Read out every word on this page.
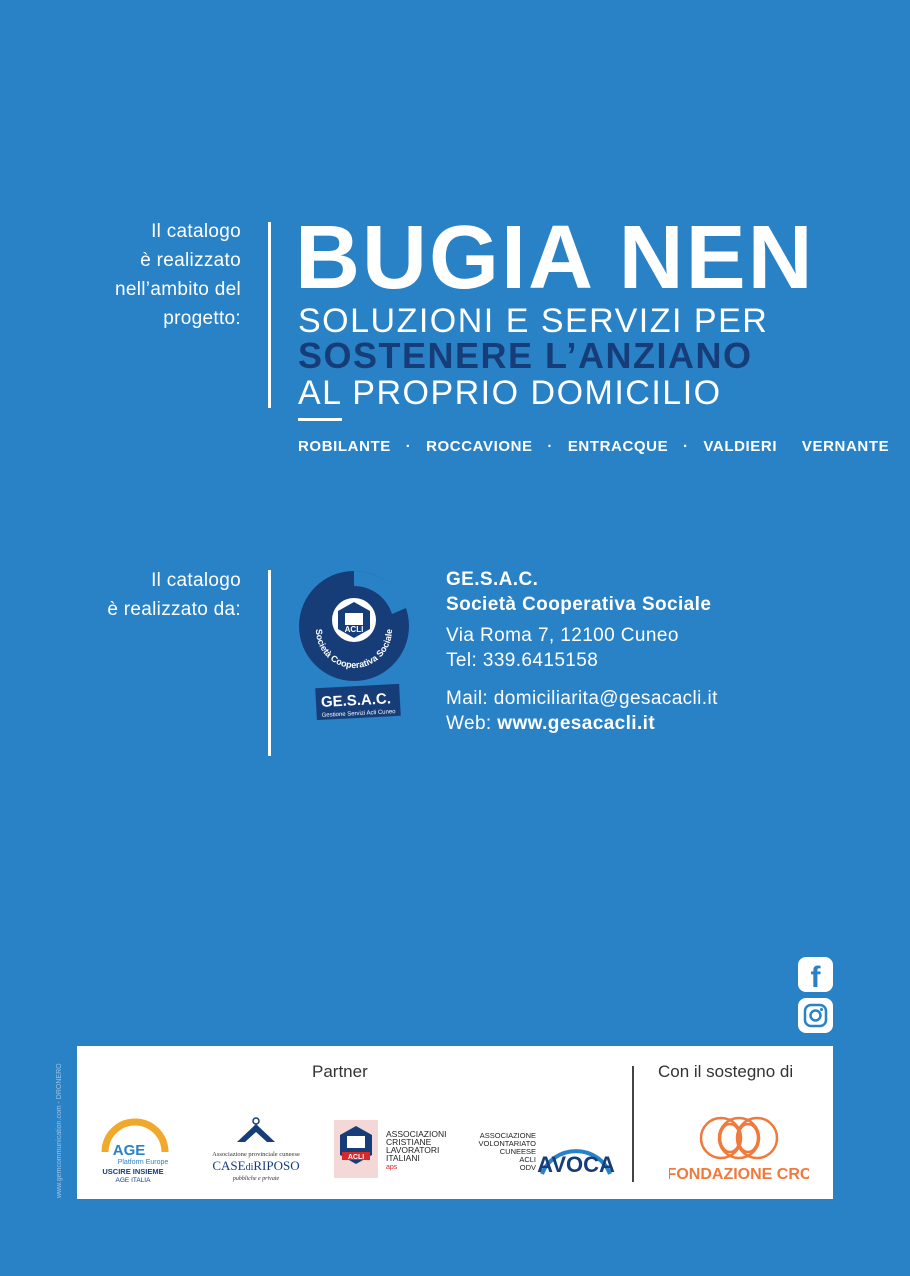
Il catalogo
è realizzato
nell’ambito del
progetto:
BUGIA NEN
SOLUZIONI E SERVIZI PER
SOSTENERE L’ANZIANO
AL PROPRIO DOMICILIO
ROBILANTE · ROCCAVIONE · ENTRACQUE · VALDIERI VERNANTE
Il catalogo
è realizzato da:
ACLI
Società Cooperativa Sociale
GE.S.A.C.
Gestione Servizi Acli Cuneo
GE.S.A.C.
Società Cooperativa Sociale
Via Roma 7, 12100 Cuneo
Tel: 339.6415158
Mail: domiciliarita@gesacacli.it
Web: www.gesacacli.it
f
Partner	Con il sostegno di
AGE
Platform Europe
USCIRE INSIEME
AGE ITALIA
Associazione provinciale cuneese
CASEdiRIPOSO
pubbliche e private
ACLI
ASSOCIAZIONI
CRISTIANE
LAVORATORI
ITALIANI
aps
ASSOCIAZIONE
VOLONTARIATO
CUNEESE
ACLI
ODV AVOCA	FONDAZIONE CRC
www.gemcommunication.com - DRONERO
